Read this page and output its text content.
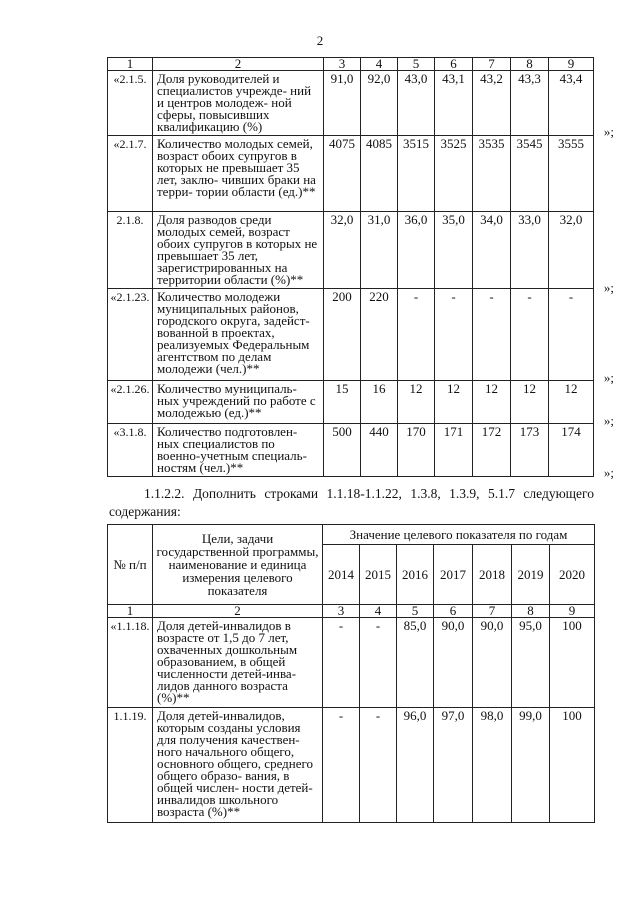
2
1	2	3	4	5	6	7	8	9
«2.1.5.	Доля руководителей и специалистов учрежде- ний и центров молодеж- ной сферы, повысивших квалификацию (%)	91,0	92,0	43,0	43,1	43,2	43,3	43,4
«2.1.7.	Количество молодых семей, возраст обоих супругов в которых не превышает 35 лет, заклю- чивших браки на терри- тории области (ед.)**	4075	4085	3515	3525	3535	3545	3555
2.1.8.	Доля разводов среди молодых семей, возраст обоих супругов в которых не превышает 35 лет, зарегистрированных на территории области (%)**	32,0	31,0	36,0	35,0	34,0	33,0	32,0
«2.1.23.	Количество молодежи муниципальных районов, городского округа, задейст- вованной в проектах, реализуемых Федеральным агентством по делам молодежи (чел.)**	200	220	-	-	-	-	-
«2.1.26.	Количество муниципаль- ных учреждений по работе с молодежью (ед.)**	15	16	12	12	12	12	12
«3.1.8.	Количество подготовлен- ных специалистов по военно-учетным специаль- ностям (чел.)**	500	440	170	171	172	173	174
»;
»;
»;
»;
»;
1.1.2.2. Дополнить строками 1.1.18-1.1.22, 1.3.8, 1.3.9, 5.1.7 следующего содержания:
№ п/п	Цели, задачи государственной программы, наименование и единица измерения целевого показателя	Значение целевого показателя по годам						
		2014	2015	2016	2017	2018	2019	2020
1	2	3	4	5	6	7	8	9
«1.1.18.	Доля детей-инвалидов в возрасте от 1,5 до 7 лет, охваченных дошкольным образованием, в общей численности детей-инва- лидов данного возраста (%)**	-	-	85,0	90,0	90,0	95,0	100
1.1.19.	Доля детей-инвалидов, которым созданы условия для получения качествен- ного начального общего, основного общего, среднего общего образо- вания, в общей числен- ности детей-инвалидов школьного возраста (%)**	-	-	96,0	97,0	98,0	99,0	100
